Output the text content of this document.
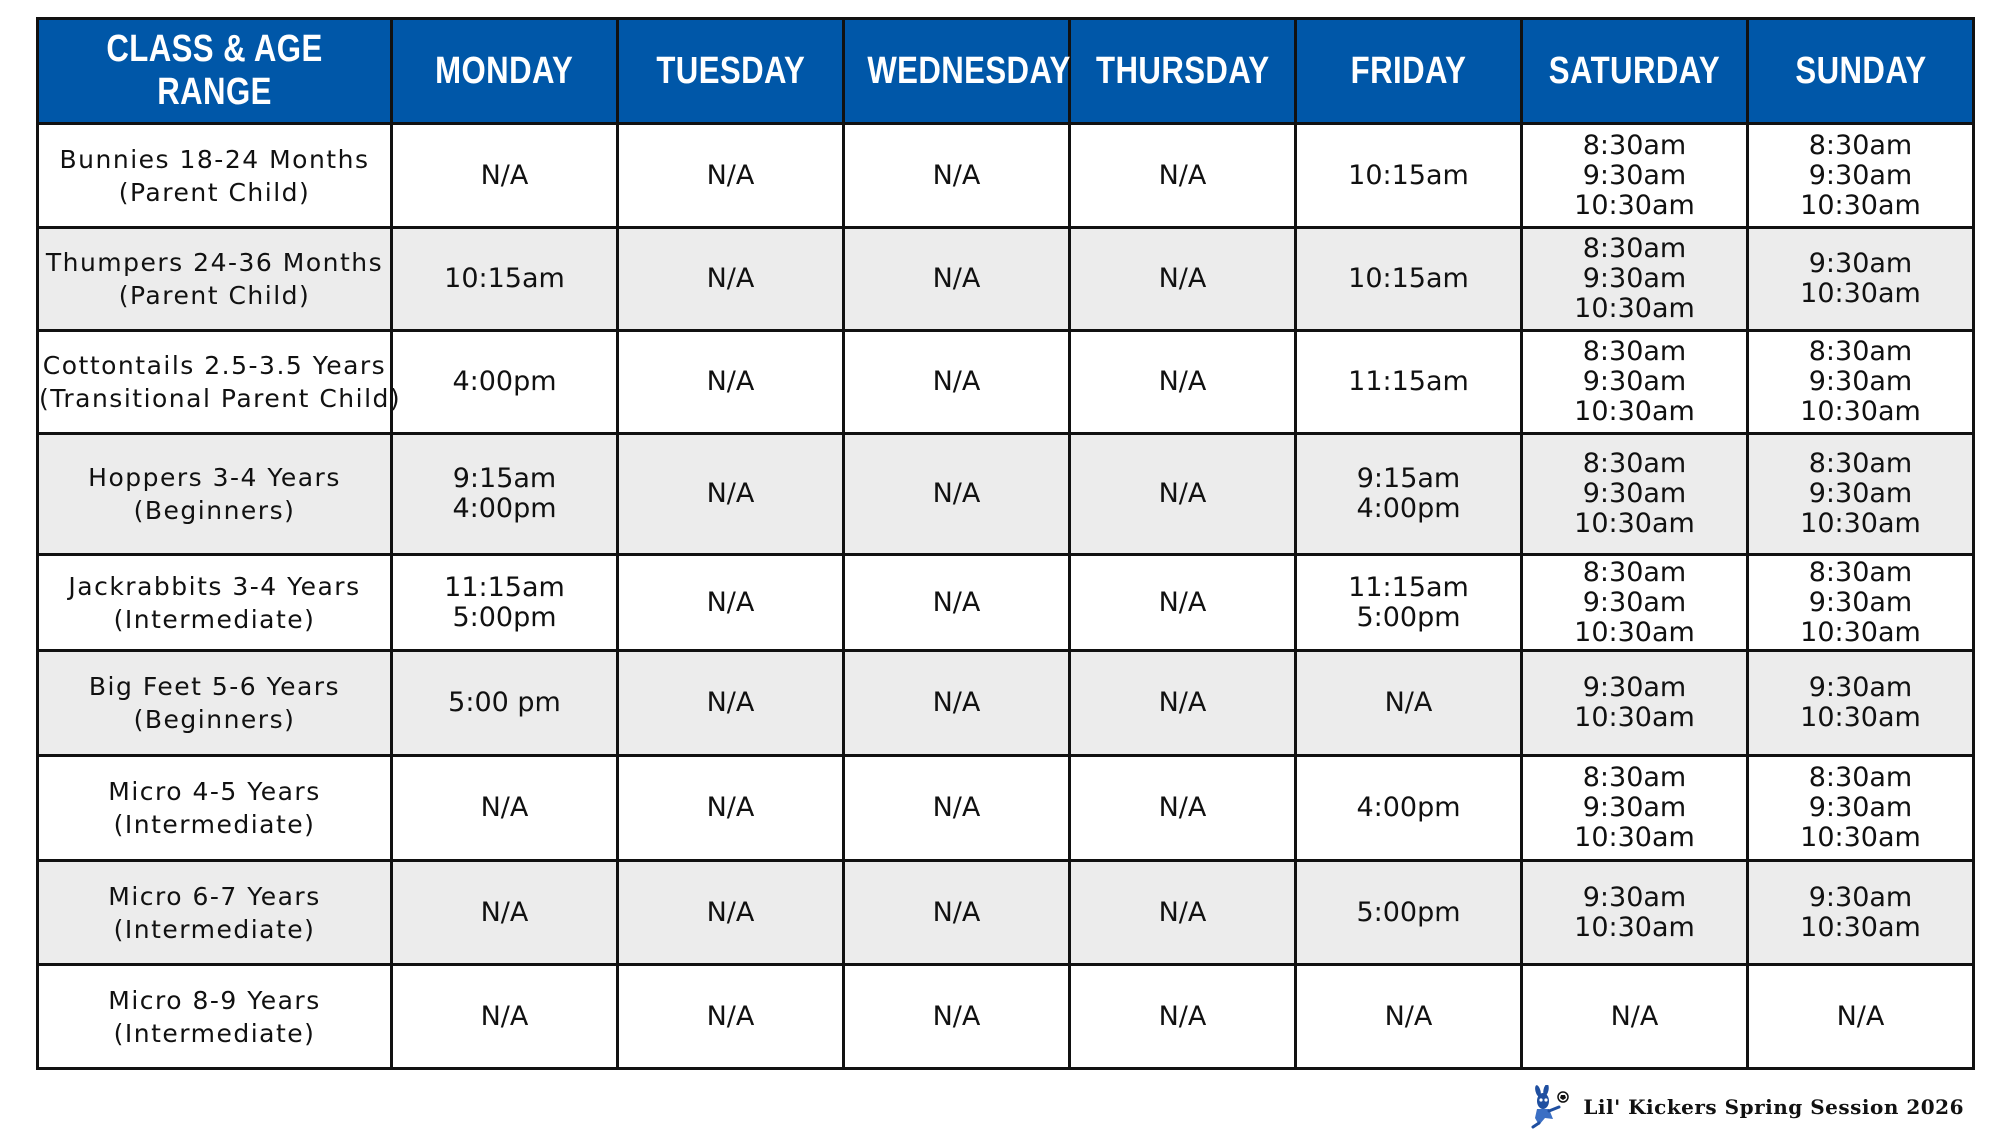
CLASS & AGE RANGE	MONDAY	TUESDAY	WEDNESDAY	THURSDAY	FRIDAY	SATURDAY	SUNDAY

Bunnies 18-24 Months
(Parent Child)	N/A	N/A	N/A	N/A	10:15am	8:30am
9:30am
10:30am	8:30am
9:30am
10:30am

Thumpers 24-36 Months
(Parent Child)	10:15am	N/A	N/A	N/A	10:15am	8:30am
9:30am
10:30am	9:30am
10:30am

Cottontails 2.5-3.5 Years
(Transitional Parent Child)	4:00pm	N/A	N/A	N/A	11:15am	8:30am
9:30am
10:30am	8:30am
9:30am
10:30am

Hoppers 3-4 Years
(Beginners)	9:15am
4:00pm	N/A	N/A	N/A	9:15am
4:00pm	8:30am
9:30am
10:30am	8:30am
9:30am
10:30am

Jackrabbits 3-4 Years
(Intermediate)	11:15am
5:00pm	N/A	N/A	N/A	11:15am
5:00pm	8:30am
9:30am
10:30am	8:30am
9:30am
10:30am

Big Feet 5-6 Years
(Beginners)	5:00 pm	N/A	N/A	N/A	N/A	9:30am
10:30am	9:30am
10:30am

Micro 4-5 Years
(Intermediate)	N/A	N/A	N/A	N/A	4:00pm	8:30am
9:30am
10:30am	8:30am
9:30am
10:30am

Micro 6-7 Years
(Intermediate)	N/A	N/A	N/A	N/A	5:00pm	9:30am
10:30am	9:30am
10:30am

Micro 8-9 Years
(Intermediate)	N/A	N/A	N/A	N/A	N/A	N/A	N/A
Lil' Kickers Spring Session 2026
